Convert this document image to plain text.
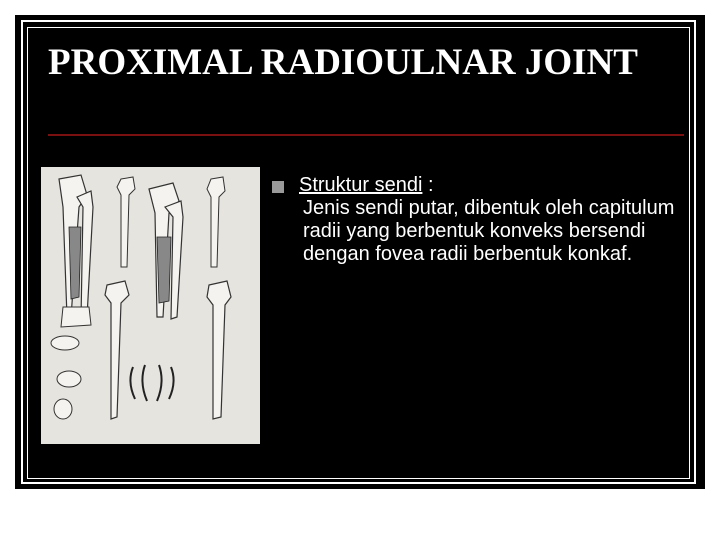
PROXIMAL RADIOULNAR JOINT
Struktur sendi :
Jenis sendi putar, dibentuk oleh capitulum radii yang berbentuk konveks bersendi dengan fovea radii berbentuk konkaf.
